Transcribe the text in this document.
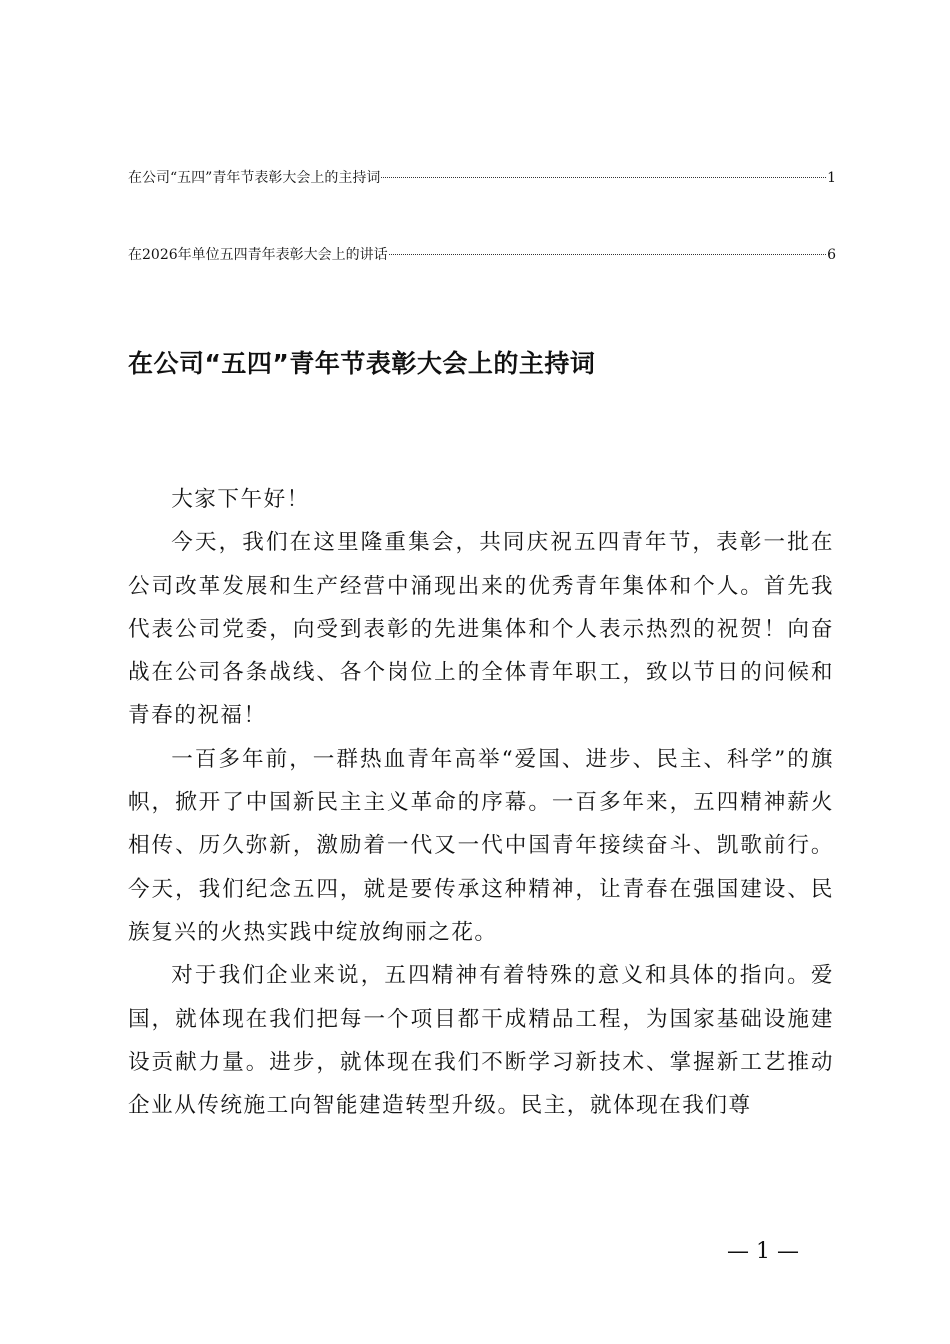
在公司“五四”青年节表彰大会上的主持词	1
在2026年单位五四青年表彰大会上的讲话	6
在公司“五四”青年节表彰大会上的主持词

大家下午好！

今天，我们在这里隆重集会，共同庆祝五四青年节，表彰一批在公司改革发展和生产经营中涌现出来的优秀青年集体和个人。首先我代表公司党委，向受到表彰的先进集体和个人表示热烈的祝贺！向奋战在公司各条战线、各个岗位上的全体青年职工，致以节日的问候和青春的祝福！

一百多年前，一群热血青年高举“爱国、进步、民主、科学”的旗帜，掀开了中国新民主主义革命的序幕。一百多年来，五四精神薪火相传、历久弥新，激励着一代又一代中国青年接续奋斗、凯歌前行。今天，我们纪念五四，就是要传承这种精神，让青春在强国建设、民族复兴的火热实践中绽放绚丽之花。

对于我们企业来说，五四精神有着特殊的意义和具体的指向。爱国，就体现在我们把每一个项目都干成精品工程，为国家基础设施建设贡献力量。进步，就体现在我们不断学习新技术、掌握新工艺推动企业从传统施工向智能建造转型升级。民主，就体现在我们尊

— 1 —
